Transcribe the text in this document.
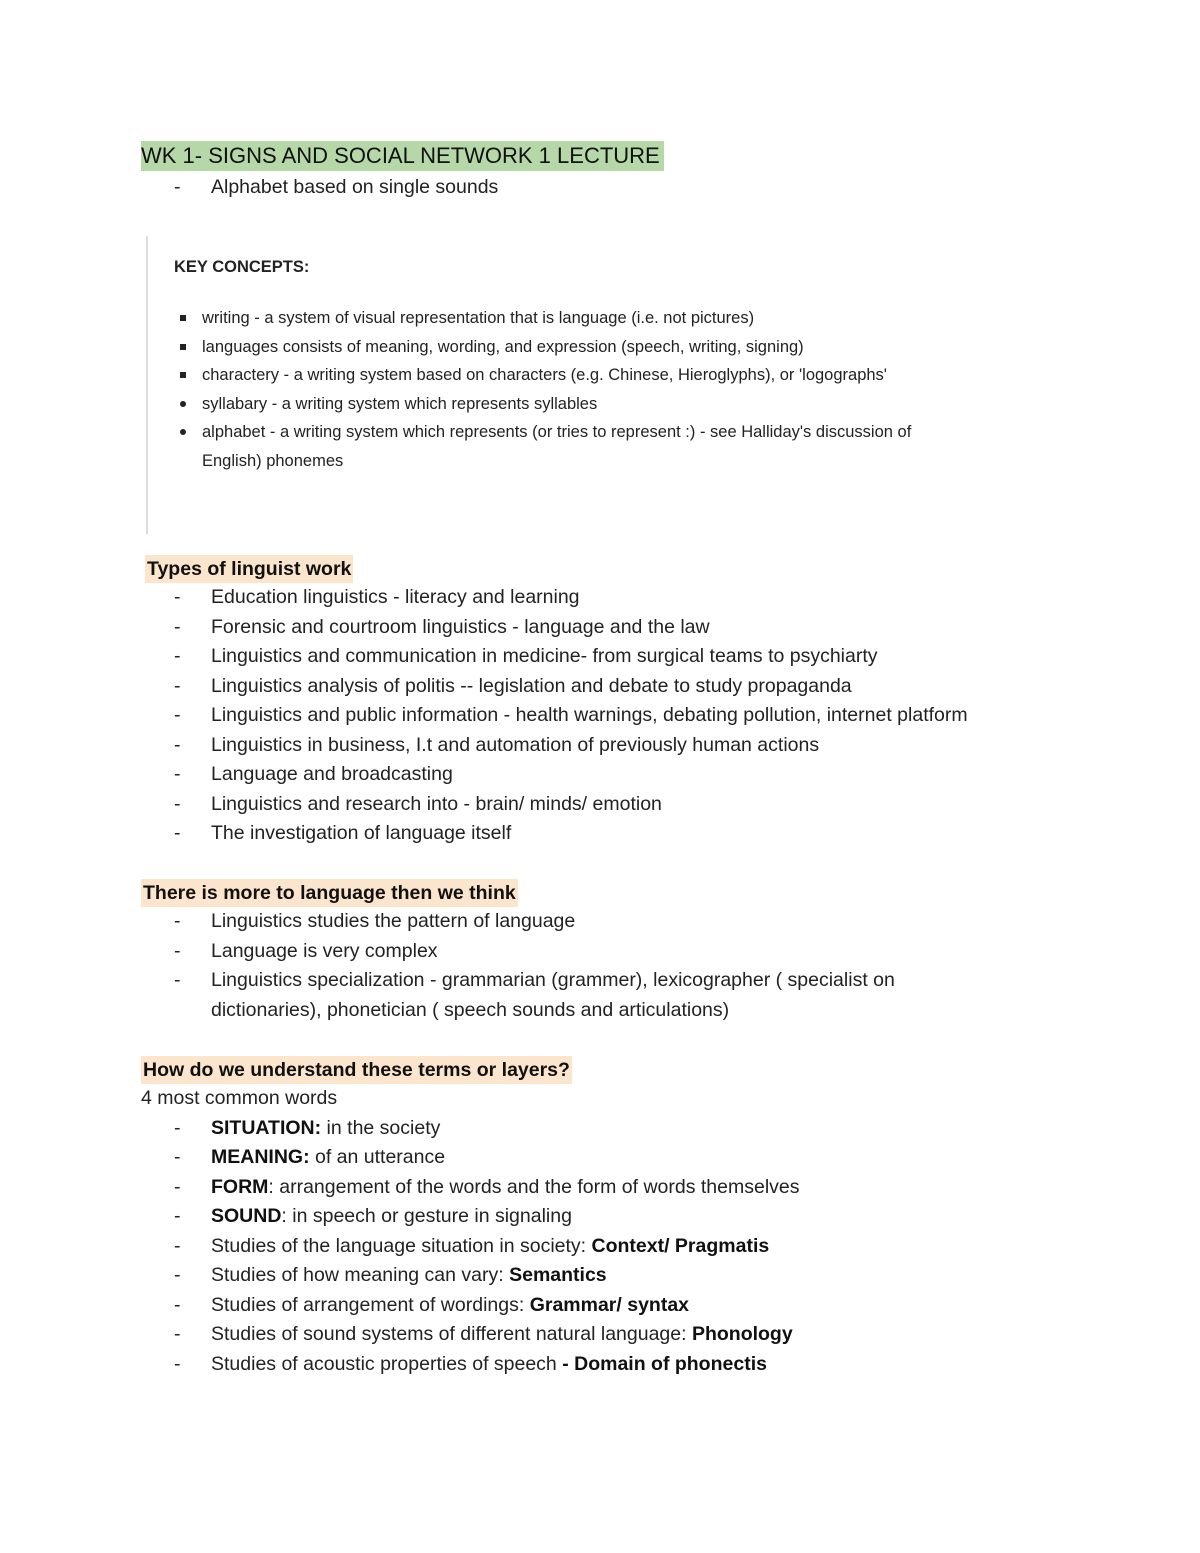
WK 1- SIGNS AND SOCIAL NETWORK 1 LECTURE
- Alphabet based on single sounds
KEY CONCEPTS:
writing - a system of visual representation that is language (i.e. not pictures)
languages consists of meaning, wording, and expression (speech, writing, signing)
charactery - a writing system based on characters (e.g. Chinese, Hieroglyphs), or 'logographs'
syllabary - a writing system which represents syllables
alphabet - a writing system which represents (or tries to represent :) - see Halliday's discussion of English) phonemes
Types of linguist work
- Education linguistics - literacy and learning
- Forensic and courtroom linguistics - language and the law
- Linguistics and communication in medicine- from surgical teams to psychiarty
- Linguistics analysis of politis -- legislation and debate to study propaganda
- Linguistics and public information - health warnings, debating pollution, internet platform
- Linguistics in business, I.t and automation of previously human actions
- Language and broadcasting
- Linguistics and research into - brain/ minds/ emotion
- The investigation of language itself
There is more to language then we think
- Linguistics studies the pattern of language
- Language is very complex
- Linguistics specialization - grammarian (grammer), lexicographer ( specialist on dictionaries), phonetician ( speech sounds and articulations)
How do we understand these terms or layers?
4 most common words
- SITUATION: in the society
- MEANING: of an utterance
- FORM: arrangement of the words and the form of words themselves
- SOUND: in speech or gesture in signaling
- Studies of the language situation in society: Context/ Pragmatis
- Studies of how meaning can vary: Semantics
- Studies of arrangement of wordings: Grammar/ syntax
- Studies of sound systems of different natural language: Phonology
- Studies of acoustic properties of speech - Domain of phonectis
